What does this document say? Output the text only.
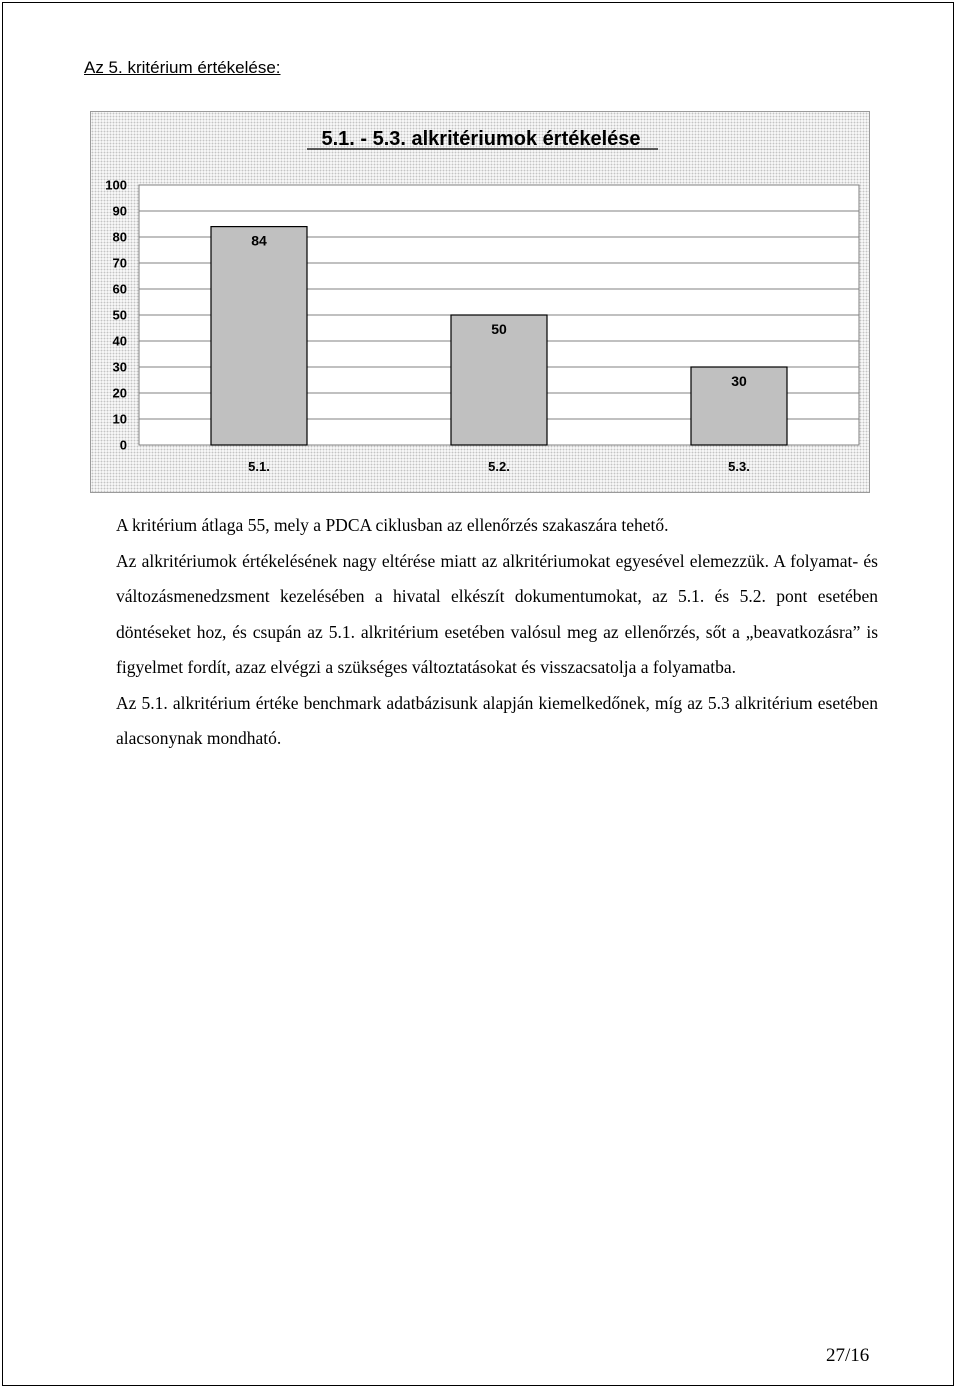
Az 5. kritérium értékelése:
5.1. - 5.3. alkritériumok értékelése
0
10
20
30
40
50
60
70
80
90
100
84
50
30
5.1.	5.2.	5.3.

A kritérium átlaga 55, mely a PDCA ciklusban az ellenőrzés szakaszára tehető.

Az alkritériumok értékelésének nagy eltérése miatt az alkritériumokat egyesével elemezzük. A folyamat- és változásmenedzsment kezelésében a hivatal elkészít dokumentumokat, az 5.1. és 5.2. pont esetében döntéseket hoz, és csupán az 5.1. alkritérium esetében valósul meg az ellenőrzés, sőt a „beavatkozásra” is figyelmet fordít, azaz elvégzi a szükséges változtatásokat és visszacsatolja a folyamatba.

Az 5.1. alkritérium értéke benchmark adatbázisunk alapján kiemelkedőnek, míg az 5.3 alkritérium esetében alacsonynak mondható.

27/16
